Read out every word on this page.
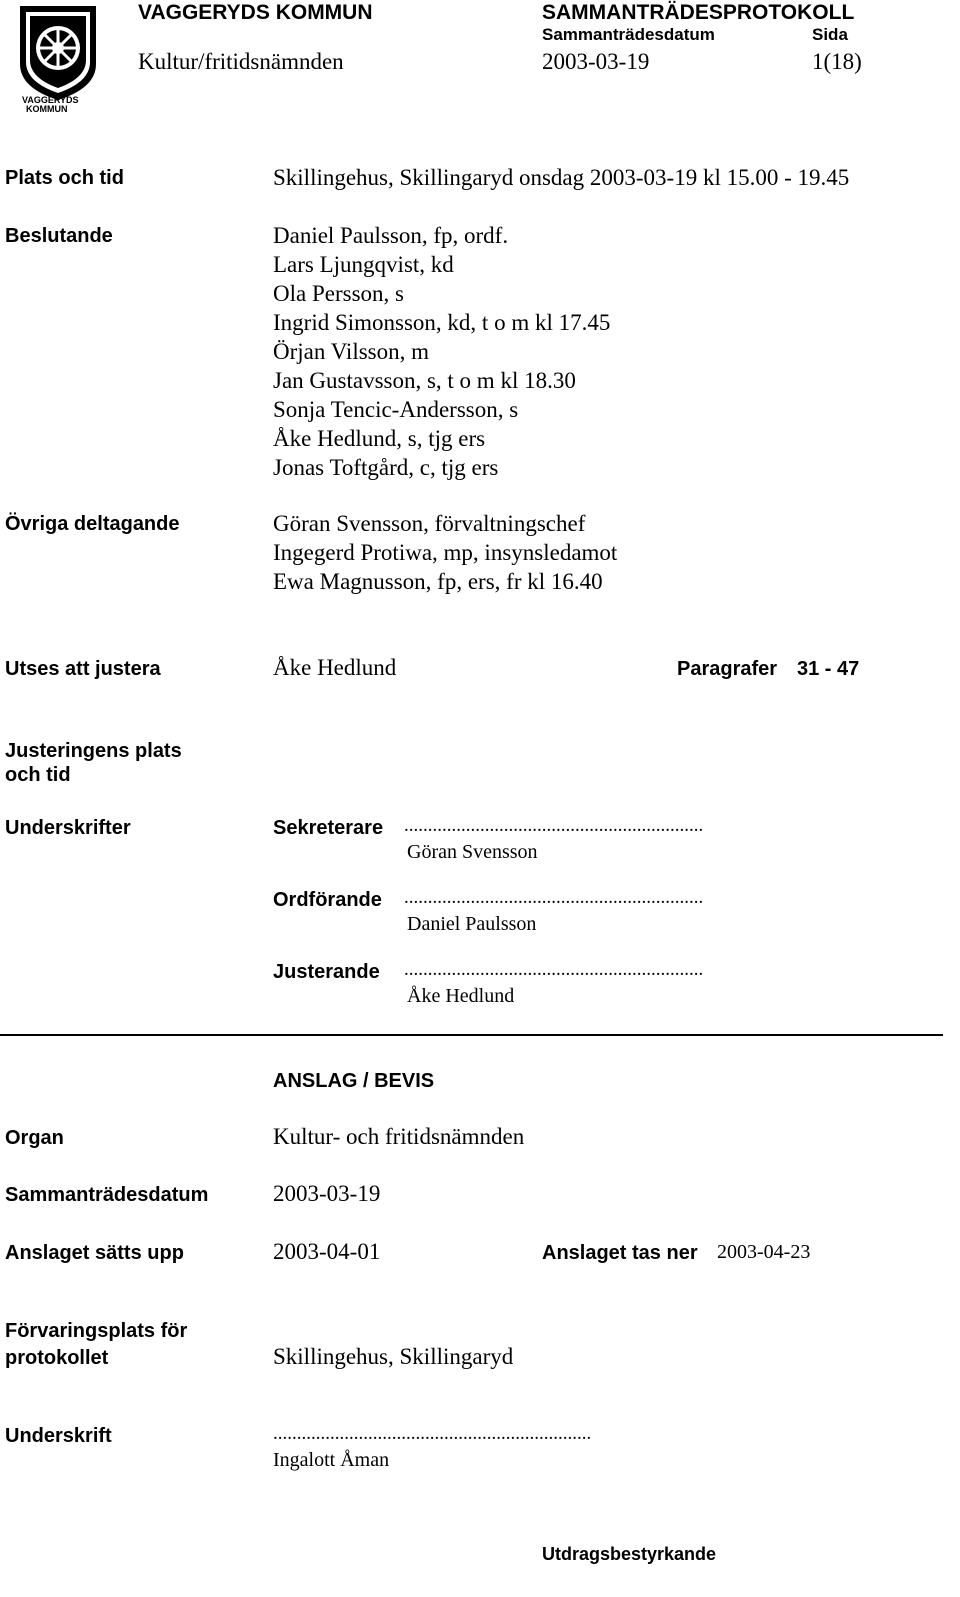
VAGGERYDS
KOMMUN
VAGGERYDS KOMMUN	SAMMANTRÄDESPROTOKOLL
Sammanträdesdatum	Sida
Kultur/fritidsnämnden	2003-03-19	1(18)
Plats och tid	Skillingehus, Skillingaryd onsdag 2003-03-19 kl 15.00 - 19.45
Beslutande	Daniel Paulsson, fp, ordf.
Lars Ljungqvist, kd
Ola Persson, s
Ingrid Simonsson, kd, t o m kl 17.45
Örjan Vilsson, m
Jan Gustavsson, s, t o m kl 18.30
Sonja Tencic-Andersson, s
Åke Hedlund, s, tjg ers
Jonas Toftgård, c, tjg ers
Övriga deltagande	Göran Svensson, förvaltningschef
Ingegerd Protiwa, mp, insynsledamot
Ewa Magnusson, fp, ers, fr kl 16.40
Utses att justera	Åke Hedlund	Paragrafer 31 - 47
Justeringens plats
och tid
Underskrifter	Sekreterare ...............................................................
Göran Svensson
Ordförande ...............................................................
Daniel Paulsson
Justerande ...............................................................
Åke Hedlund
ANSLAG / BEVIS
Organ	Kultur- och fritidsnämnden
Sammanträdesdatum	2003-03-19
Anslaget sätts upp	2003-04-01	Anslaget tas ner 2003-04-23
Förvaringsplats för
protokollet	Skillingehus, Skillingaryd
Underskrift	...................................................................
Ingalott Åman
Utdragsbestyrkande
